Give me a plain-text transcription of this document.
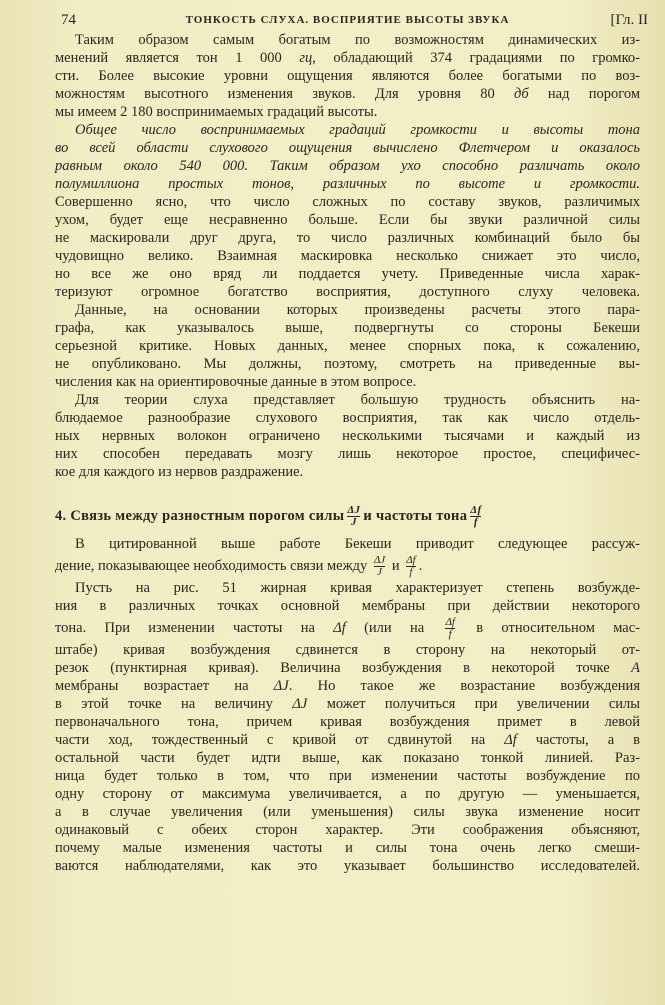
74	ТОНКОСТЬ СЛУХА. ВОСПРИЯТИЕ ВЫСОТЫ ЗВУКА	[Гл. II
Таким образом самым богатым по возможностям динамических из-
менений является тон 1 000 гц, обладающий 374 градациями по громко-
сти. Более высокие уровни ощущения являются более богатыми по воз-
можностям высотного изменения звуков. Для уровня 80 дб над порогом
мы имеем 2 180 воспринимаемых градаций высоты.
Общее число воспринимаемых градаций громкости и высоты тона
во всей области слухового ощущения вычислено Флетчером и оказалось
равным около 540 000. Таким образом ухо способно различать около
полумиллиона простых тонов, различных по высоте и громкости.
Совершенно ясно, что число сложных по составу звуков, различимых
ухом, будет еще несравненно больше. Если бы звуки различной силы
не маскировали друг друга, то число различных комбинаций было бы
чудовищно велико. Взаимная маскировка несколько снижает это число,
но все же оно вряд ли поддается учету. Приведенные числа харак-
теризуют огромное богатство восприятия, доступного слуху человека.
Данные, на основании которых произведены расчеты этого пара-
графа, как указывалось выше, подвергнуты со стороны Бекеши
серьезной критике. Новых данных, менее спорных пока, к сожалению,
не опубликовано. Мы должны, поэтому, смотреть на приведенные вы-
числения как на ориентировочные данные в этом вопросе.
Для теории слуха представляет большую трудность объяснить на-
блюдаемое разнообразие слухового восприятия, так как число отдель-
ных нервных волокон ограничено несколькими тысячами и каждый из
них способен передавать мозгу лишь некоторое простое, специфичес-
кое для каждого из нервов раздражение.
4. Связь между разностным порогом силы $\frac{\Delta J}{J}$ и частоты тона $\frac{\Delta f}{f}$
В цитированной выше работе Бекеши приводит следующее рассуж-
дение, показывающее необходимость связи между $\frac{\Delta J}{J}$ и $\frac{\Delta f}{f}$ .
Пусть на рис. 51 жирная кривая характеризует степень возбужде-
ния в различных точках основной мембраны при действии некоторого
тона. При изменении частоты на Δf (или на $\frac{\Delta f}{f}$ в относительном мас-
штабе) кривая возбуждения сдвинется в сторону на некоторый от-
резок (пунктирная кривая). Величина возбуждения в некоторой точке A
мембраны возрастает на ΔJ. Но такое же возрастание возбуждения
в этой точке на величину ΔJ может получиться при увеличении силы
первоначального тона, причем кривая возбуждения примет в левой
части ход, тождественный с кривой от сдвинутой на Δf частоты, а в
остальной части будет идти выше, как показано тонкой линией. Раз-
ница будет только в том, что при изменении частоты возбуждение по
одну сторону от максимума увеличивается, а по другую — уменьшается,
а в случае увеличения (или уменьшения) силы звука изменение носит
одинаковый с обеих сторон характер. Эти соображения объясняют,
почему малые изменения частоты и силы тона очень легко смеши-
ваются наблюдателями, как это указывает большинство исследователей.
